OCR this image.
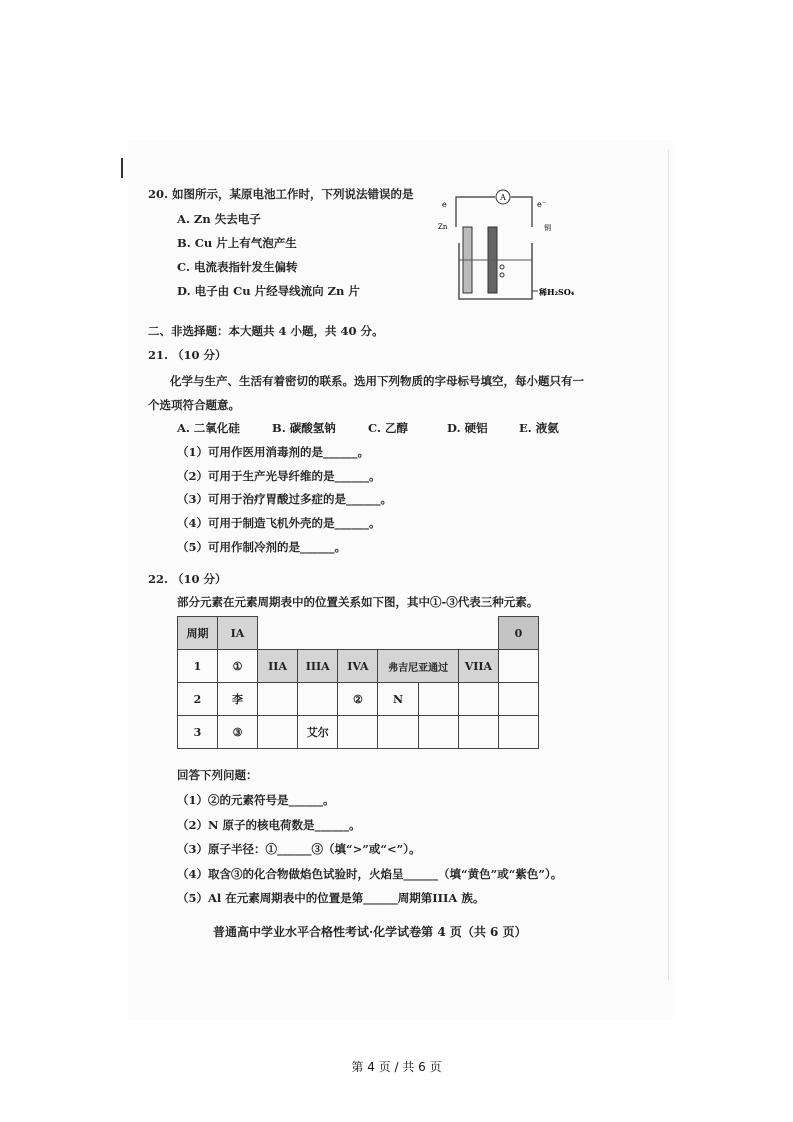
20. 如图所示，某原电池工作时，下列说法错误的是
A. Zn 失去电子
B. Cu 片上有气泡产生
C. 电流表指针发生偏转
D. 电子由 Cu 片经导线流向 Zn 片
A
e	e⁻
Zn	铜
稀H₂SO₄
二、非选择题：本大题共 4 小题，共 40 分。
21. （10 分）
化学与生产、生活有着密切的联系。选用下列物质的字母标号填空，每小题只有一
个选项符合题意。
A. 二氧化硅	B. 碳酸氢钠	C. 乙醇	D. 硬铝	E. 液氨
（1）可用作医用消毒剂的是______。
（2）可用于生产光导纤维的是______。
（3）可用于治疗胃酸过多症的是______。
（4）可用于制造飞机外壳的是______。
（5）可用作制冷剂的是______。
22. （10 分）
部分元素在元素周期表中的位置关系如下图，其中①-③代表三种元素。
周期	IA							0
1	①	IIA	IIIA	IVA	弗吉尼亚通过		VIIA	
2	李			②	N			
3	③		艾尔					
回答下列问题：
（1）②的元素符号是______。
（2）N 原子的核电荷数是______。
（3）原子半径：①______③（填“>”或“<”）。
（4）取含③的化合物做焰色试验时，火焰呈______（填“黄色”或“紫色”）。
（5）Al 在元素周期表中的位置是第______周期第IIIA 族。
普通高中学业水平合格性考试·化学试卷第 4 页（共 6 页）
第 4 页 / 共 6 页
